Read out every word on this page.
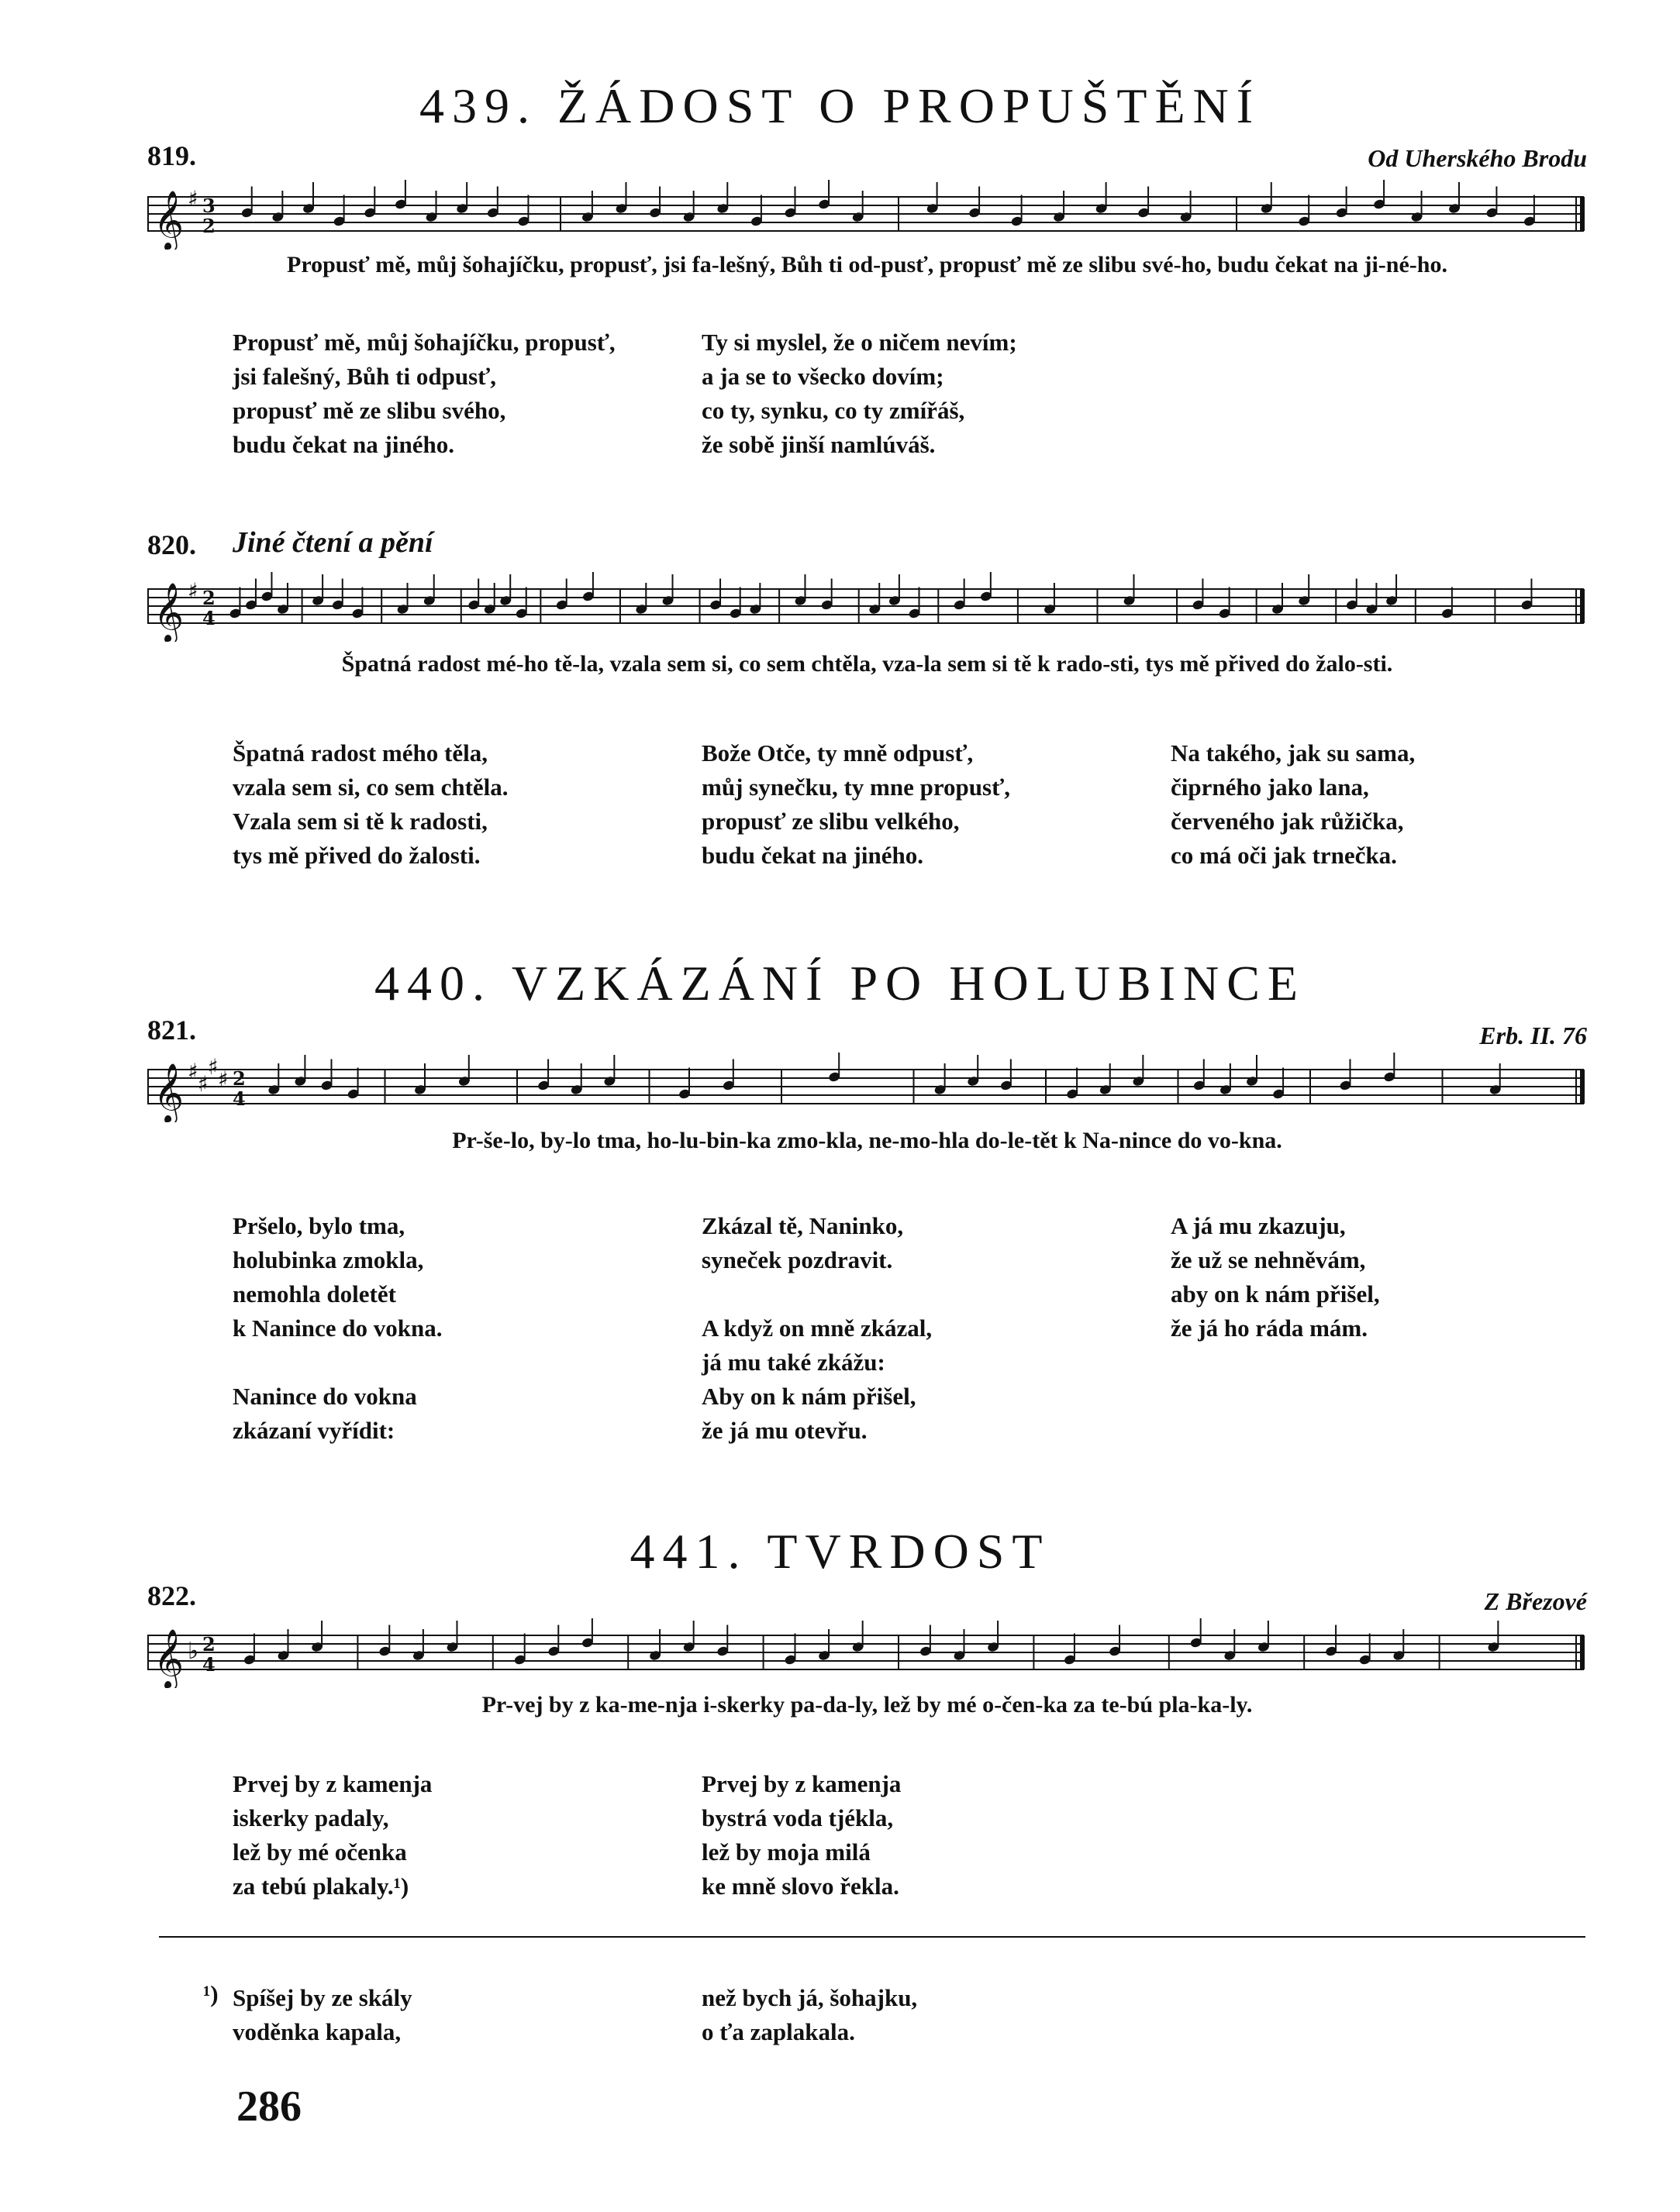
439. ŽÁDOST O PROPUŠTĚNÍ
819.	Od Uherského Brodu
𝄞 ♯ 3
2
Propusť mě, můj šohajíčku, propusť, jsi fa-lešný, Bůh ti od-pusť, propusť mě ze slibu své-ho, budu čekat na ji-né-ho.
Propusť mě, můj šohajíčku, propusť,
jsi falešný, Bůh ti odpusť,
propusť mě ze slibu svého,
budu čekat na jiného.
Ty si myslel, že o ničem nevím;
a ja se to všecko dovím;
co ty, synku, co ty zmířáš,
že sobě jinší namlúváš.
820. Jiné čtení a pění
𝄞 ♯ 2
4
Špatná radost mé-ho tě-la, vzala sem si, co sem chtěla, vza-la sem si tě k rado-sti, tys mě přived do žalo-sti.
Špatná radost mého těla,
vzala sem si, co sem chtěla.
Vzala sem si tě k radosti,
tys mě přived do žalosti.
Bože Otče, ty mně odpusť,
můj synečku, ty mne propusť,
propusť ze slibu velkého,
budu čekat na jiného.
Na takého, jak su sama,
čiprného jako lana,
červeného jak růžička,
co má oči jak trnečka.
440. VZKÁZÁNÍ PO HOLUBINCE
821.	Erb. II. 76
𝄞 ♯ ♯
♯ ♯ 2
4
Pr-še-lo, by-lo tma, ho-lu-bin-ka zmo-kla, ne-mo-hla do-le-tět k Na-nince do vo-kna.
Pršelo, bylo tma,
holubinka zmokla,
nemohla doletět
k Nanince do vokna.
Nanince do vokna
zkázaní vyřídit:
Zkázal tě, Naninko,
syneček pozdravit.
A když on mně zkázal,
já mu také zkážu:
Aby on k nám přišel,
že já mu otevřu.
A já mu zkazuju,
že už se nehněvám,
aby on k nám přišel,
že já ho ráda mám.
441. TVRDOST
822.	Z Březové
𝄞 ♭ 2
4
Pr-vej by z ka-me-nja i-skerky pa-da-ly, lež by mé o-čen-ka za te-bú pla-ka-ly.
Prvej by z kamenja
iskerky padaly,
lež by mé očenka
za tebú plakaly.¹)
Prvej by z kamenja
bystrá voda tjékla,
lež by moja milá
ke mně slovo řekla.
¹) Spíšej by ze skály
voděnka kapala,
než bych já, šohajku,
o ťa zaplakala.
286
